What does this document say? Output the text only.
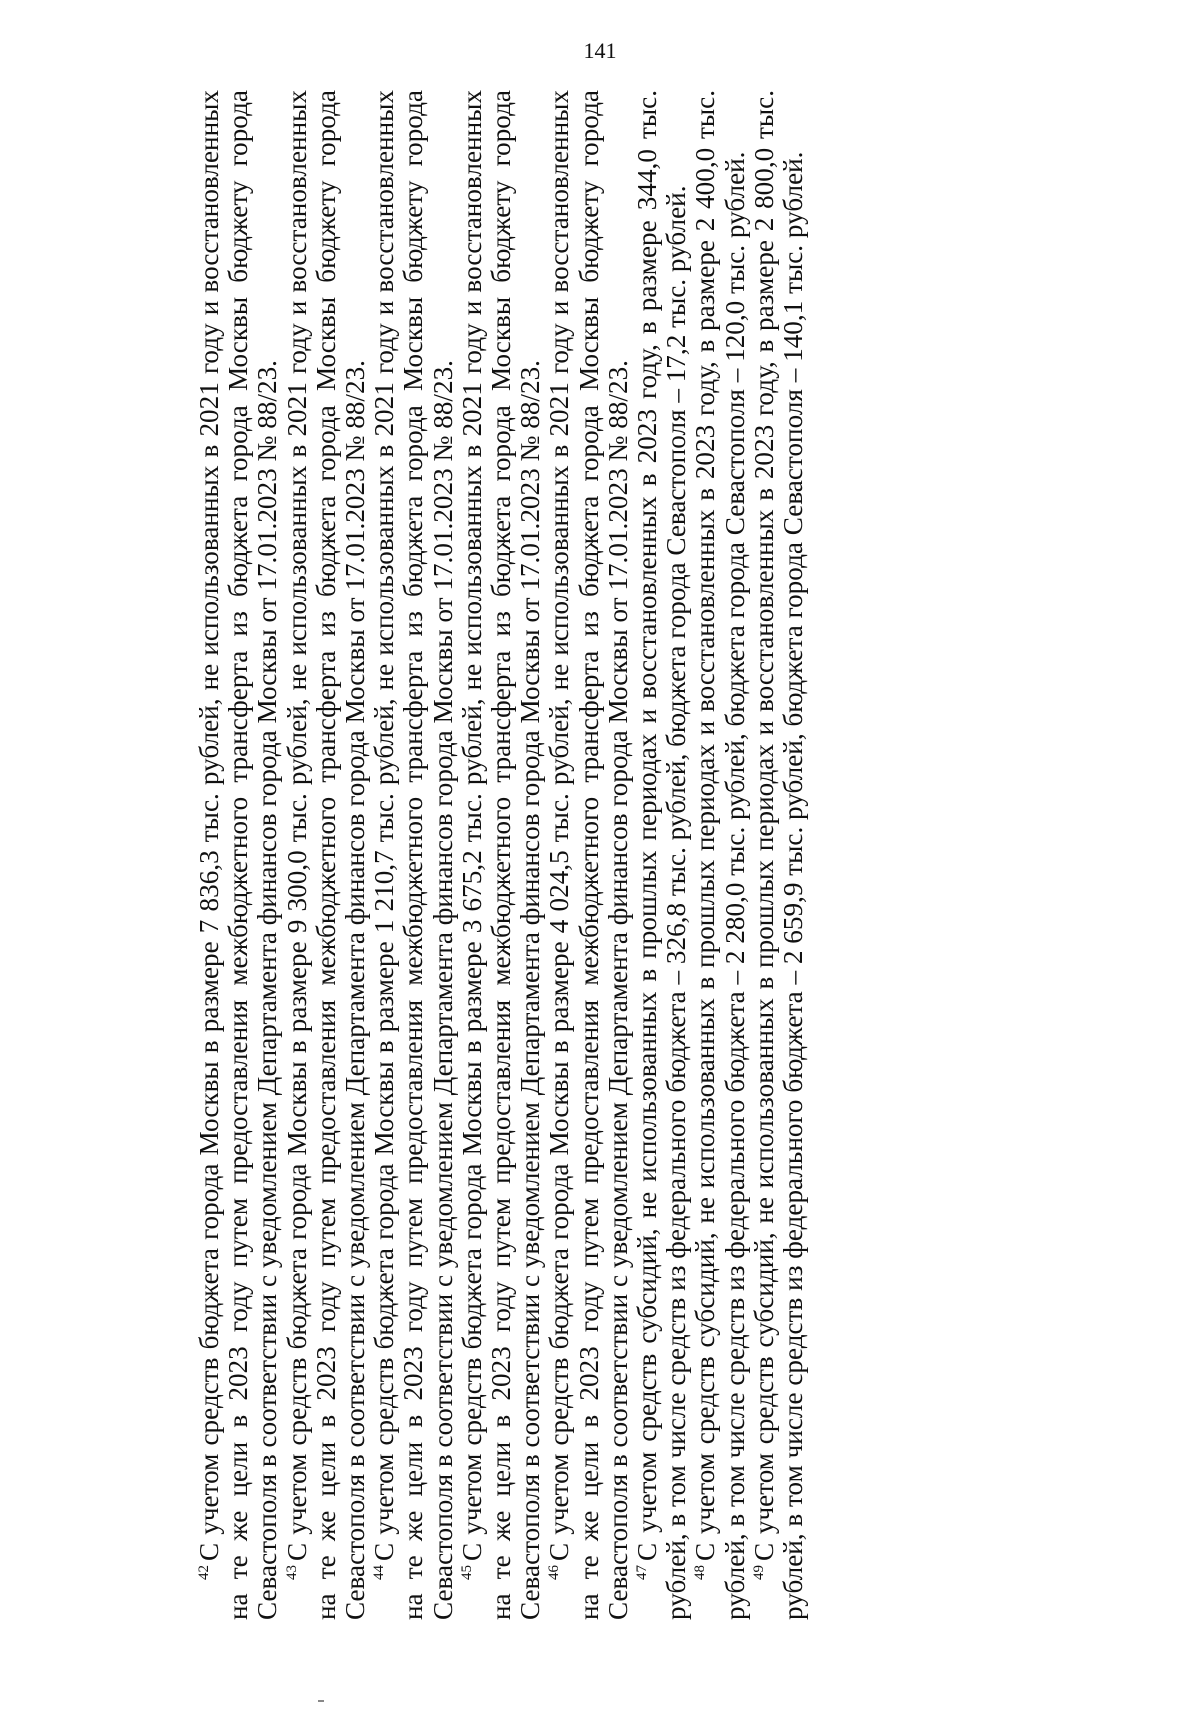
141

$^{42}$С учетом средств бюджета города Москвы в размере 7 836,3 тыс. рублей, не использованных в 2021 году и восстановленных на те же цели в 2023 году путем предоставления межбюджетного трансферта из бюджета города Москвы бюджету города Севастополя в соответствии с уведомлением Департамента финансов города Москвы от 17.01.2023 № 88/23. $^{43}$С учетом средств бюджета города Москвы в размере 9 300,0 тыс. рублей, не использованных в 2021 году и восстановленных на те же цели в 2023 году путем предоставления межбюджетного трансферта из бюджета города Москвы бюджету города Севастополя в соответствии с уведомлением Департамента финансов города Москвы от 17.01.2023 № 88/23. $^{44}$С учетом средств бюджета города Москвы в размере 1 210,7 тыс. рублей, не использованных в 2021 году и восстановленных на те же цели в 2023 году путем предоставления межбюджетного трансферта из бюджета города Москвы бюджету города Севастополя в соответствии с уведомлением Департамента финансов города Москвы от 17.01.2023 № 88/23. $^{45}$С учетом средств бюджета города Москвы в размере 3 675,2 тыс. рублей, не использованных в 2021 году и восстановленных на те же цели в 2023 году путем предоставления межбюджетного трансферта из бюджета города Москвы бюджету города Севастополя в соответствии с уведомлением Департамента финансов города Москвы от 17.01.2023 № 88/23. $^{46}$С учетом средств бюджета города Москвы в размере 4 024,5 тыс. рублей, не использованных в 2021 году и восстановленных на те же цели в 2023 году путем предоставления межбюджетного трансферта из бюджета города Москвы бюджету города Севастополя в соответствии с уведомлением Департамента финансов города Москвы от 17.01.2023 № 88/23. $^{47}$С учетом средств субсидий, не использованных в прошлых периодах и восстановленных в 2023 году, в размере 344,0 тыс. рублей, в том числе средств из федерального бюджета – 326,8 тыс. рублей, бюджета города Севастополя – 17,2 тыс. рублей. $^{48}$С учетом средств субсидий, не использованных в прошлых периодах и восстановленных в 2023 году, в размере 2 400,0 тыс. рублей, в том числе средств из федерального бюджета – 2 280,0 тыс. рублей, бюджета города Севастополя – 120,0 тыс. рублей. $^{49}$С учетом средств субсидий, не использованных в прошлых периодах и восстановленных в 2023 году, в размере 2 800,0 тыс. рублей, в том числе средств из федерального бюджета – 2 659,9 тыс. рублей, бюджета города Севастополя – 140,1 тыс. рублей.
